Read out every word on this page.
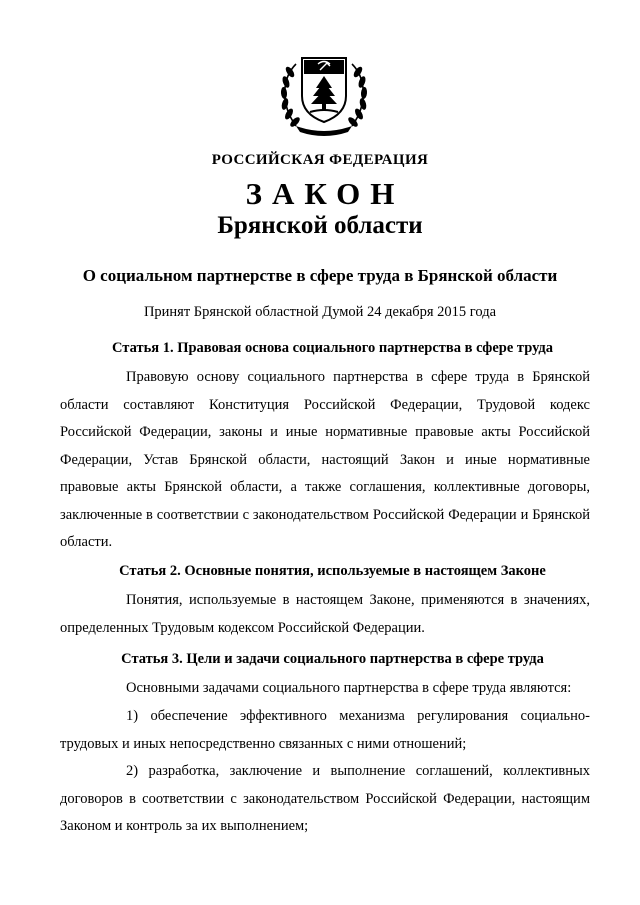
РОССИЙСКАЯ ФЕДЕРАЦИЯ
ЗАКОН
Брянской области
О социальном партнерстве в сфере труда в Брянской области
Принят Брянской областной Думой 24 декабря 2015 года
Статья 1. Правовая основа социального партнерства в сфере труда

Правовую основу социального партнерства в сфере труда в Брянской области составляют Конституция Российской Федерации, Трудовой кодекс Российской Федерации, законы и иные нормативные правовые акты Российской Федерации, Устав Брянской области, настоящий Закон и иные нормативные правовые акты Брянской области, а также соглашения, коллективные договоры, заключенные в соответствии с законодательством Российской Федерации и Брянской области.

Статья 2. Основные понятия, используемые в настоящем Законе

Понятия, используемые в настоящем Законе, применяются в значениях, определенных Трудовым кодексом Российской Федерации.

Статья 3. Цели и задачи социального партнерства в сфере труда

Основными задачами социального партнерства в сфере труда являются:

1) обеспечение эффективного механизма регулирования социально-трудовых и иных непосредственно связанных с ними отношений;

2) разработка, заключение и выполнение соглашений, коллективных договоров в соответствии с законодательством Российской Федерации, настоящим Законом и контроль за их выполнением;
